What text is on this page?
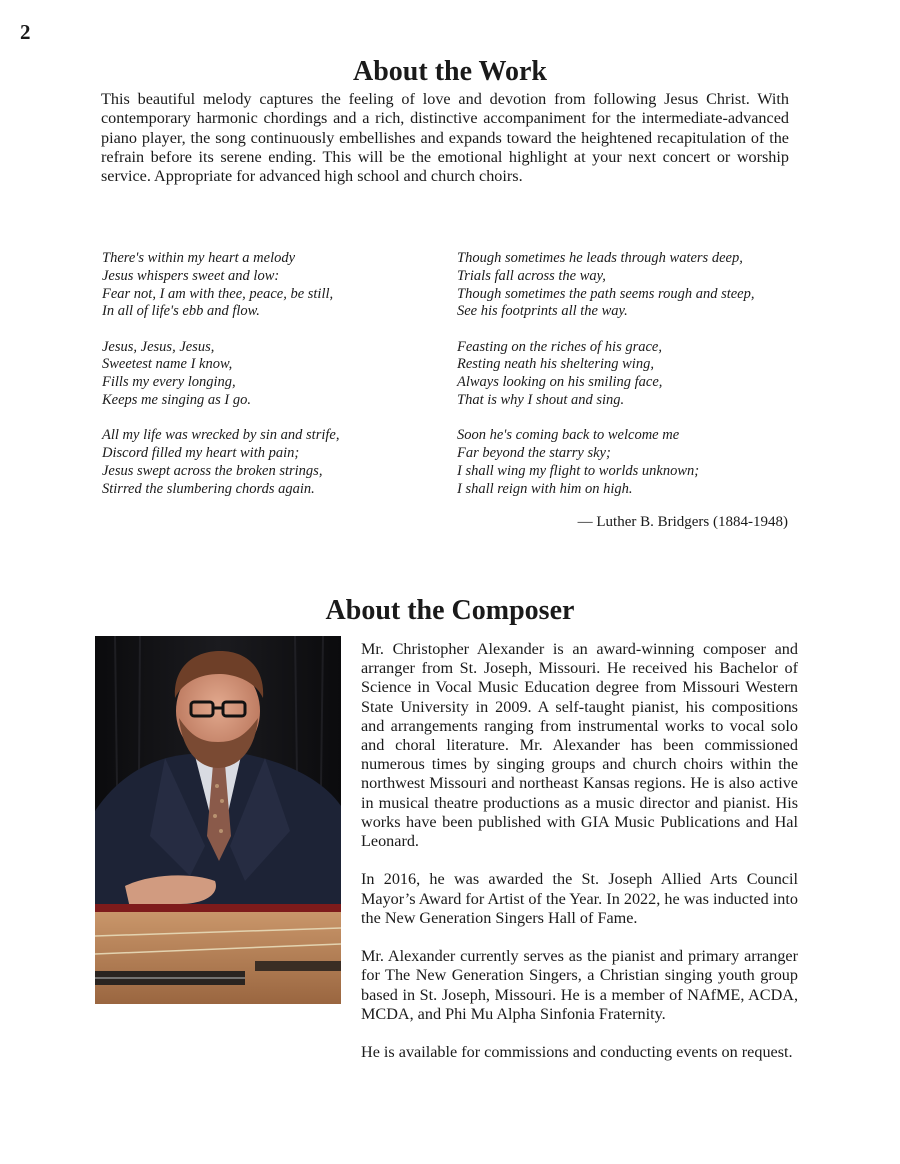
2
About the Work

This beautiful melody captures the feeling of love and devotion from following Jesus Christ. With contemporary harmonic chordings and a rich, distinctive accompaniment for the intermediate-advanced piano player, the song continuously embellishes and expands toward the heightened recapitulation of the refrain before its serene ending. This will be the emotional highlight at your next concert or worship service. Appropriate for advanced high school and church choirs.

There's within my heart a melody
Jesus whispers sweet and low:
Fear not, I am with thee, peace, be still,
In all of life's ebb and flow.
Jesus, Jesus, Jesus,
Sweetest name I know,
Fills my every longing,
Keeps me singing as I go.
All my life was wrecked by sin and strife,
Discord filled my heart with pain;
Jesus swept across the broken strings,
Stirred the slumbering chords again.
Though sometimes he leads through waters deep,
Trials fall across the way,
Though sometimes the path seems rough and steep,
See his footprints all the way.
Feasting on the riches of his grace,
Resting neath his sheltering wing,
Always looking on his smiling face,
That is why I shout and sing.
Soon he's coming back to welcome me
Far beyond the starry sky;
I shall wing my flight to worlds unknown;
I shall reign with him on high.
— Luther B. Bridgers (1884-1948)
About the Composer

Mr. Christopher Alexander is an award-winning composer and arranger from St. Joseph, Missouri. He received his Bachelor of Science in Vocal Music Education degree from Missouri Western State University in 2009. A self-taught pianist, his compositions and arrangements ranging from instrumental works to vocal solo and choral literature. Mr. Alexander has been commissioned numerous times by singing groups and church choirs within the northwest Missouri and northeast Kansas regions. He is also active in musical theatre productions as a music director and pianist. His works have been published with GIA Music Publications and Hal Leonard.

In 2016, he was awarded the St. Joseph Allied Arts Council Mayor’s Award for Artist of the Year. In 2022, he was inducted into the New Generation Singers Hall of Fame.

Mr. Alexander currently serves as the pianist and primary arranger for The New Generation Singers, a Christian singing youth group based in St. Joseph, Missouri. He is a member of NAfME, ACDA, MCDA, and Phi Mu Alpha Sinfonia Fraternity.

He is available for commissions and conducting events on request.
